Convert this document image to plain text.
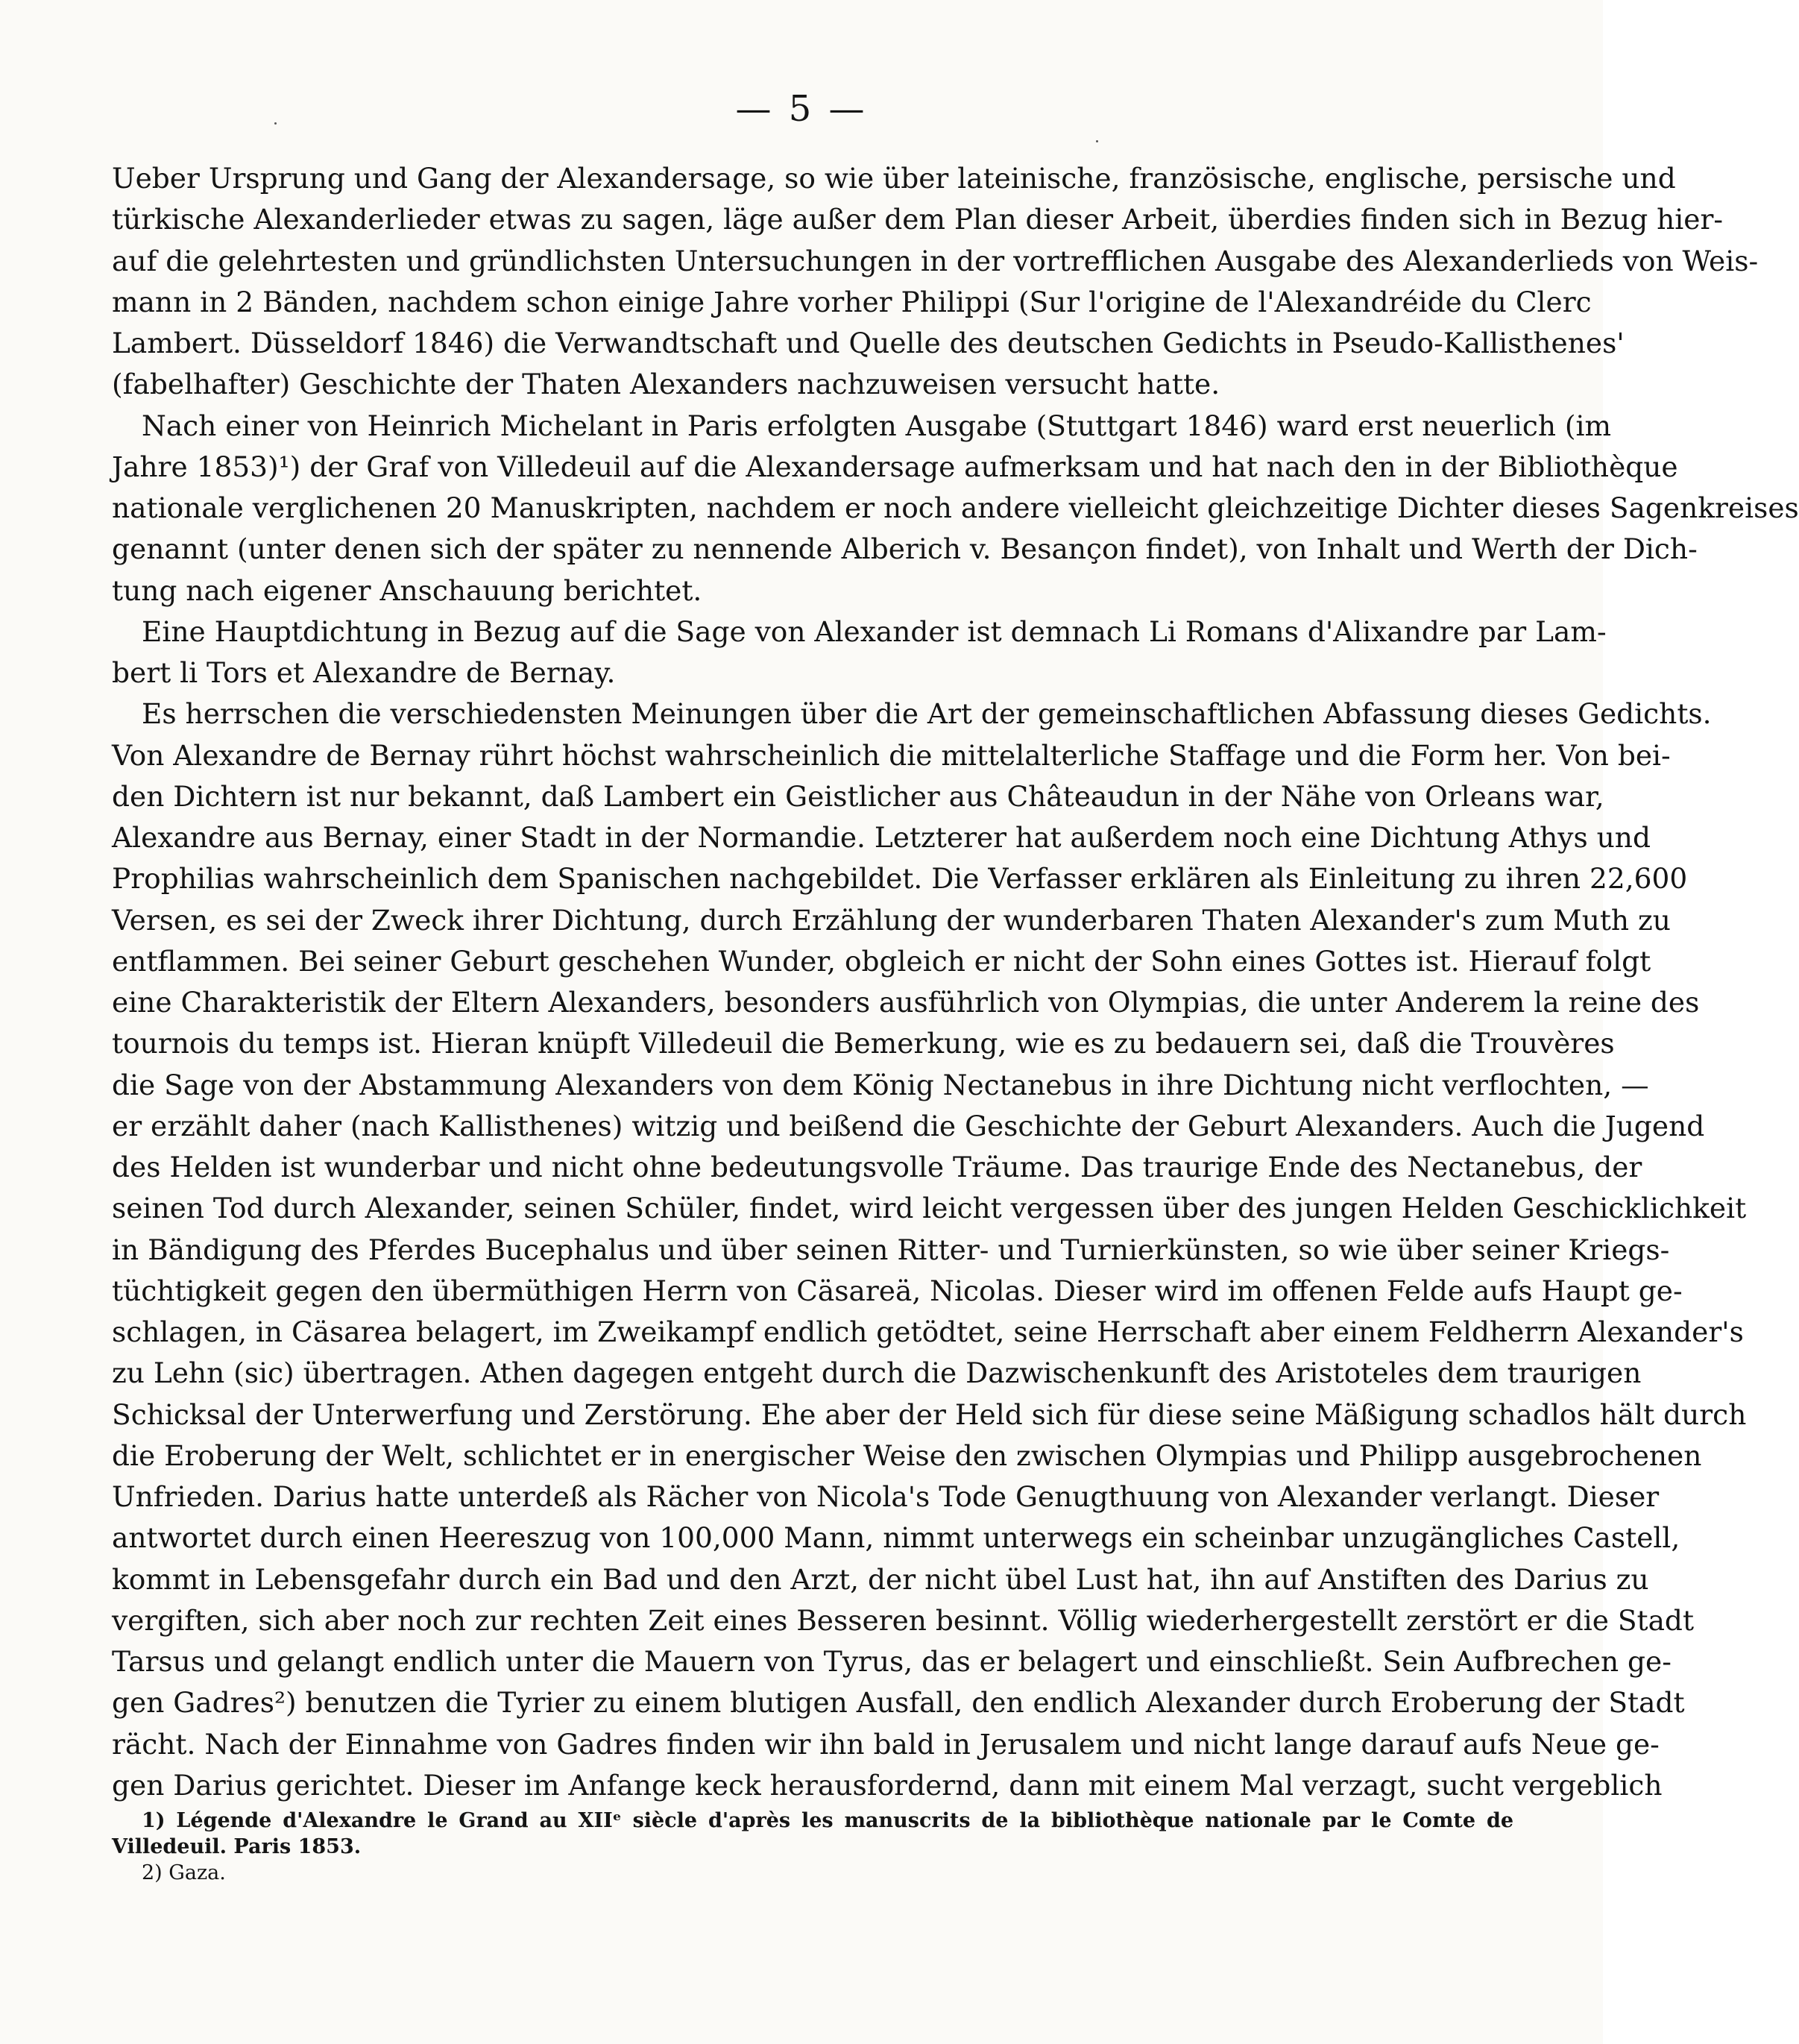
— 5 —
Ueber Ursprung und Gang der Alexandersage, so wie über lateinische, französische, englische, persische und
türkische Alexanderlieder etwas zu sagen, läge außer dem Plan dieser Arbeit, überdies finden sich in Bezug hier-
auf die gelehrtesten und gründlichsten Untersuchungen in der vortrefflichen Ausgabe des Alexanderlieds von Weis-
mann in 2 Bänden, nachdem schon einige Jahre vorher Philippi (Sur l'origine de l'Alexandréide du Clerc
Lambert. Düsseldorf 1846) die Verwandtschaft und Quelle des deutschen Gedichts in Pseudo-Kallisthenes'
(fabelhafter) Geschichte der Thaten Alexanders nachzuweisen versucht hatte.
Nach einer von Heinrich Michelant in Paris erfolgten Ausgabe (Stuttgart 1846) ward erst neuerlich (im
Jahre 1853)¹) der Graf von Villedeuil auf die Alexandersage aufmerksam und hat nach den in der Bibliothèque
nationale verglichenen 20 Manuskripten, nachdem er noch andere vielleicht gleichzeitige Dichter dieses Sagenkreises
genannt (unter denen sich der später zu nennende Alberich v. Besançon findet), von Inhalt und Werth der Dich-
tung nach eigener Anschauung berichtet.
Eine Hauptdichtung in Bezug auf die Sage von Alexander ist demnach Li Romans d'Alixandre par Lam-
bert li Tors et Alexandre de Bernay.
Es herrschen die verschiedensten Meinungen über die Art der gemeinschaftlichen Abfassung dieses Gedichts.
Von Alexandre de Bernay rührt höchst wahrscheinlich die mittelalterliche Staffage und die Form her. Von bei-
den Dichtern ist nur bekannt, daß Lambert ein Geistlicher aus Châteaudun in der Nähe von Orleans war,
Alexandre aus Bernay, einer Stadt in der Normandie. Letzterer hat außerdem noch eine Dichtung Athys und
Prophilias wahrscheinlich dem Spanischen nachgebildet. Die Verfasser erklären als Einleitung zu ihren 22,600
Versen, es sei der Zweck ihrer Dichtung, durch Erzählung der wunderbaren Thaten Alexander's zum Muth zu
entflammen. Bei seiner Geburt geschehen Wunder, obgleich er nicht der Sohn eines Gottes ist. Hierauf folgt
eine Charakteristik der Eltern Alexanders, besonders ausführlich von Olympias, die unter Anderem la reine des
tournois du temps ist. Hieran knüpft Villedeuil die Bemerkung, wie es zu bedauern sei, daß die Trouvères
die Sage von der Abstammung Alexanders von dem König Nectanebus in ihre Dichtung nicht verflochten, —
er erzählt daher (nach Kallisthenes) witzig und beißend die Geschichte der Geburt Alexanders. Auch die Jugend
des Helden ist wunderbar und nicht ohne bedeutungsvolle Träume. Das traurige Ende des Nectanebus, der
seinen Tod durch Alexander, seinen Schüler, findet, wird leicht vergessen über des jungen Helden Geschicklichkeit
in Bändigung des Pferdes Bucephalus und über seinen Ritter- und Turnierkünsten, so wie über seiner Kriegs-
tüchtigkeit gegen den übermüthigen Herrn von Cäsareä, Nicolas. Dieser wird im offenen Felde aufs Haupt ge-
schlagen, in Cäsarea belagert, im Zweikampf endlich getödtet, seine Herrschaft aber einem Feldherrn Alexander's
zu Lehn (sic) übertragen. Athen dagegen entgeht durch die Dazwischenkunft des Aristoteles dem traurigen
Schicksal der Unterwerfung und Zerstörung. Ehe aber der Held sich für diese seine Mäßigung schadlos hält durch
die Eroberung der Welt, schlichtet er in energischer Weise den zwischen Olympias und Philipp ausgebrochenen
Unfrieden. Darius hatte unterdeß als Rächer von Nicola's Tode Genugthuung von Alexander verlangt. Dieser
antwortet durch einen Heereszug von 100,000 Mann, nimmt unterwegs ein scheinbar unzugängliches Castell,
kommt in Lebensgefahr durch ein Bad und den Arzt, der nicht übel Lust hat, ihn auf Anstiften des Darius zu
vergiften, sich aber noch zur rechten Zeit eines Besseren besinnt. Völlig wiederhergestellt zerstört er die Stadt
Tarsus und gelangt endlich unter die Mauern von Tyrus, das er belagert und einschließt. Sein Aufbrechen ge-
gen Gadres²) benutzen die Tyrier zu einem blutigen Ausfall, den endlich Alexander durch Eroberung der Stadt
rächt. Nach der Einnahme von Gadres finden wir ihn bald in Jerusalem und nicht lange darauf aufs Neue ge-
gen Darius gerichtet. Dieser im Anfange keck herausfordernd, dann mit einem Mal verzagt, sucht vergeblich
1) Légende d'Alexandre le Grand au XIIᵉ siècle d'après les manuscrits de la bibliothèque nationale par le Comte de
Villedeuil. Paris 1853.
2) Gaza.
